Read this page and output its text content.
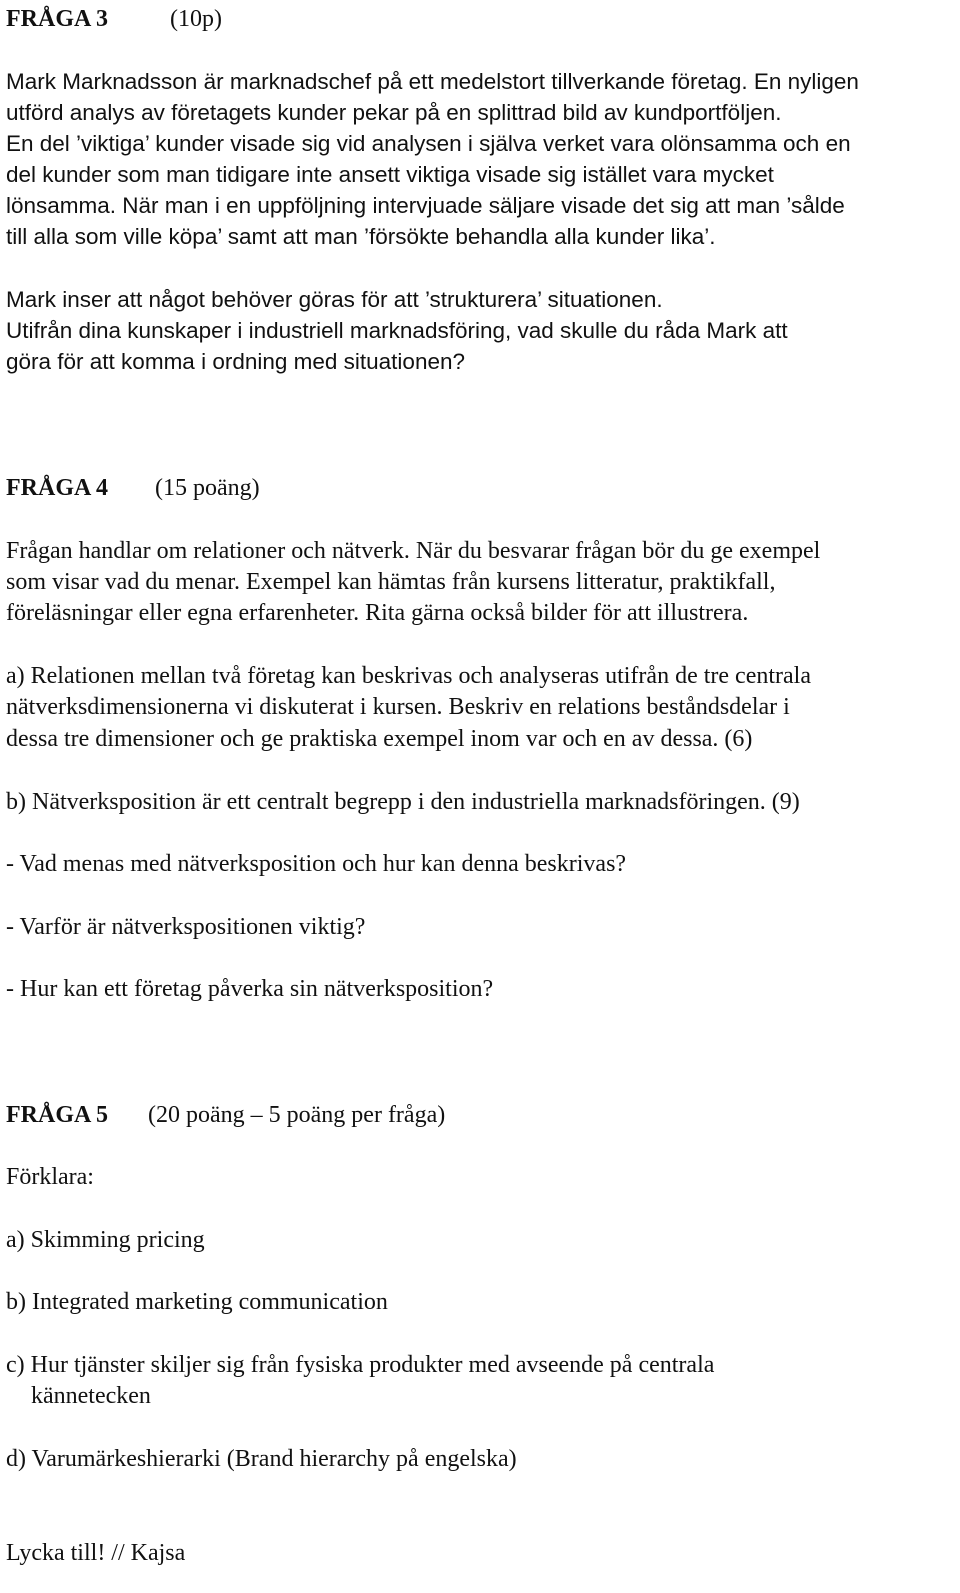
FRÅGA 3	(10p)
Mark Marknadsson är marknadschef på ett medelstort tillverkande företag. En nyligen
utförd analys av företagets kunder pekar på en splittrad bild av kundportföljen.
En del ’viktiga’ kunder visade sig vid analysen i själva verket vara olönsamma och en
del kunder som man tidigare inte ansett viktiga visade sig istället vara mycket
lönsamma. När man i en uppföljning intervjuade säljare visade det sig att man ’sålde
till alla som ville köpa’ samt att man ’försökte behandla alla kunder lika’.
Mark inser att något behöver göras för att ’strukturera’ situationen.
Utifrån dina kunskaper i industriell marknadsföring, vad skulle du råda Mark att
göra för att komma i ordning med situationen?
FRÅGA 4 (15 poäng)
Frågan handlar om relationer och nätverk. När du besvarar frågan bör du ge exempel
som visar vad du menar. Exempel kan hämtas från kursens litteratur, praktikfall,
föreläsningar eller egna erfarenheter. Rita gärna också bilder för att illustrera.
a) Relationen mellan två företag kan beskrivas och analyseras utifrån de tre centrala
nätverksdimensionerna vi diskuterat i kursen. Beskriv en relations beståndsdelar i
dessa tre dimensioner och ge praktiska exempel inom var och en av dessa. (6)
b) Nätverksposition är ett centralt begrepp i den industriella marknadsföringen. (9)
- Vad menas med nätverksposition och hur kan denna beskrivas?
- Varför är nätverkspositionen viktig?
- Hur kan ett företag påverka sin nätverksposition?
FRÅGA 5 (20 poäng – 5 poäng per fråga)
Förklara:
a) Skimming pricing
b) Integrated marketing communication
c) Hur tjänster skiljer sig från fysiska produkter med avseende på centrala
kännetecken
d) Varumärkeshierarki (Brand hierarchy på engelska)
Lycka till! // Kajsa
